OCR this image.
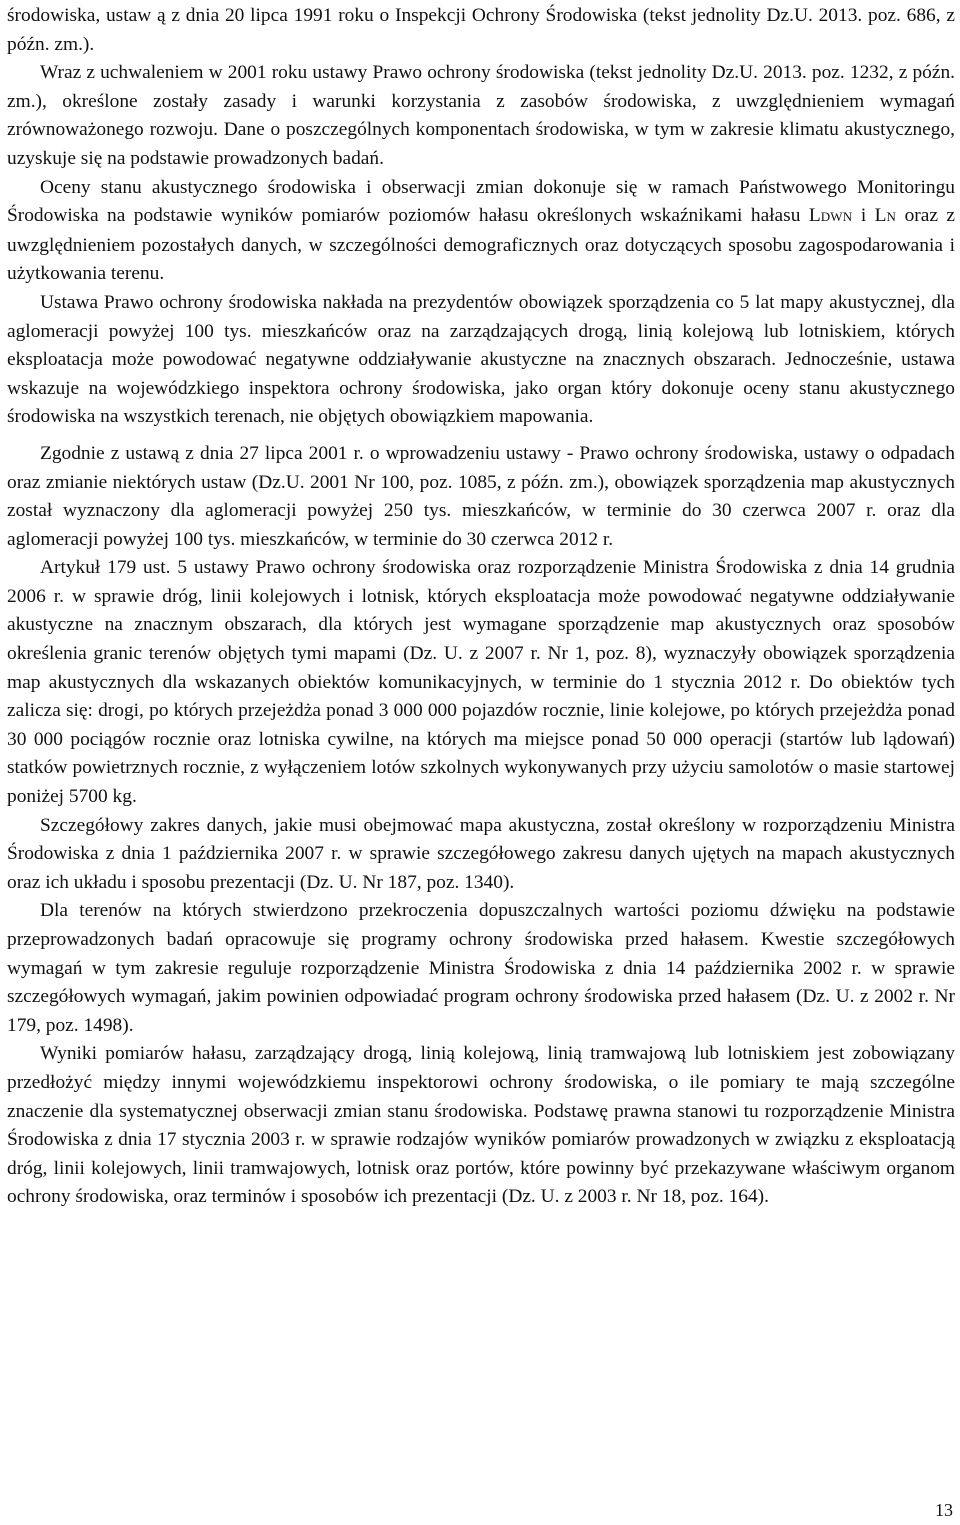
środowiska, ustaw ą z dnia 20 lipca 1991 roku o Inspekcji Ochrony Środowiska (tekst jednolity Dz.U. 2013. poz. 686, z późn. zm.).

Wraz z uchwaleniem w 2001 roku ustawy Prawo ochrony środowiska (tekst jednolity Dz.U. 2013. poz. 1232, z późn. zm.), określone zostały zasady i warunki korzystania z zasobów środowiska, z uwzględnieniem wymagań zrównoważonego rozwoju. Dane o poszczególnych komponentach środowiska, w tym w zakresie klimatu akustycznego, uzyskuje się na podstawie prowadzonych badań.

Oceny stanu akustycznego środowiska i obserwacji zmian dokonuje się w ramach Państwowego Monitoringu Środowiska na podstawie wyników pomiarów poziomów hałasu określonych wskaźnikami hałasu LDWN i LN oraz z uwzględnieniem pozostałych danych, w szczególności demograficznych oraz dotyczących sposobu zagospodarowania i użytkowania terenu.

Ustawa Prawo ochrony środowiska nakłada na prezydentów obowiązek sporządzenia co 5 lat mapy akustycznej, dla aglomeracji powyżej 100 tys. mieszkańców oraz na zarządzających drogą, linią kolejową lub lotniskiem, których eksploatacja może powodować negatywne oddziaływanie akustyczne na znacznych obszarach. Jednocześnie, ustawa wskazuje na wojewódzkiego inspektora ochrony środowiska, jako organ który dokonuje oceny stanu akustycznego środowiska na wszystkich terenach, nie objętych obowiązkiem mapowania.

Zgodnie z ustawą z dnia 27 lipca 2001 r. o wprowadzeniu ustawy - Prawo ochrony środowiska, ustawy o odpadach oraz zmianie niektórych ustaw (Dz.U. 2001 Nr 100, poz. 1085, z późn. zm.), obowiązek sporządzenia map akustycznych został wyznaczony dla aglomeracji powyżej 250 tys. mieszkańców, w terminie do 30 czerwca 2007 r. oraz dla aglomeracji powyżej 100 tys. mieszkańców, w terminie do 30 czerwca 2012 r.

Artykuł 179 ust. 5 ustawy Prawo ochrony środowiska oraz rozporządzenie Ministra Środowiska z dnia 14 grudnia 2006 r. w sprawie dróg, linii kolejowych i lotnisk, których eksploatacja może powodować negatywne oddziaływanie akustyczne na znacznym obszarach, dla których jest wymagane sporządzenie map akustycznych oraz sposobów określenia granic terenów objętych tymi mapami (Dz. U. z 2007 r. Nr 1, poz. 8), wyznaczyły obowiązek sporządzenia map akustycznych dla wskazanych obiektów komunikacyjnych, w terminie do 1 stycznia 2012 r. Do obiektów tych zalicza się: drogi, po których przejeżdża ponad 3 000 000 pojazdów rocznie, linie kolejowe, po których przejeżdża ponad 30 000 pociągów rocznie oraz lotniska cywilne, na których ma miejsce ponad 50 000 operacji (startów lub lądowań) statków powietrznych rocznie, z wyłączeniem lotów szkolnych wykonywanych przy użyciu samolotów o masie startowej poniżej 5700 kg.

Szczegółowy zakres danych, jakie musi obejmować mapa akustyczna, został określony w rozporządzeniu Ministra Środowiska z dnia 1 października 2007 r. w sprawie szczegółowego zakresu danych ujętych na mapach akustycznych oraz ich układu i sposobu prezentacji (Dz. U. Nr 187, poz. 1340).

Dla terenów na których stwierdzono przekroczenia dopuszczalnych wartości poziomu dźwięku na podstawie przeprowadzonych badań opracowuje się programy ochrony środowiska przed hałasem. Kwestie szczegółowych wymagań w tym zakresie reguluje rozporządzenie Ministra Środowiska z dnia 14 października 2002 r. w sprawie szczegółowych wymagań, jakim powinien odpowiadać program ochrony środowiska przed hałasem (Dz. U. z 2002 r. Nr 179, poz. 1498).

Wyniki pomiarów hałasu, zarządzający drogą, linią kolejową, linią tramwajową lub lotniskiem jest zobowiązany przedłożyć między innymi wojewódzkiemu inspektorowi ochrony środowiska, o ile pomiary te mają szczególne znaczenie dla systematycznej obserwacji zmian stanu środowiska. Podstawę prawna stanowi tu rozporządzenie Ministra Środowiska z dnia 17 stycznia 2003 r. w sprawie rodzajów wyników pomiarów prowadzonych w związku z eksploatacją dróg, linii kolejowych, linii tramwajowych, lotnisk oraz portów, które powinny być przekazywane właściwym organom ochrony środowiska, oraz terminów i sposobów ich prezentacji (Dz. U. z 2003 r. Nr 18, poz. 164).

13
